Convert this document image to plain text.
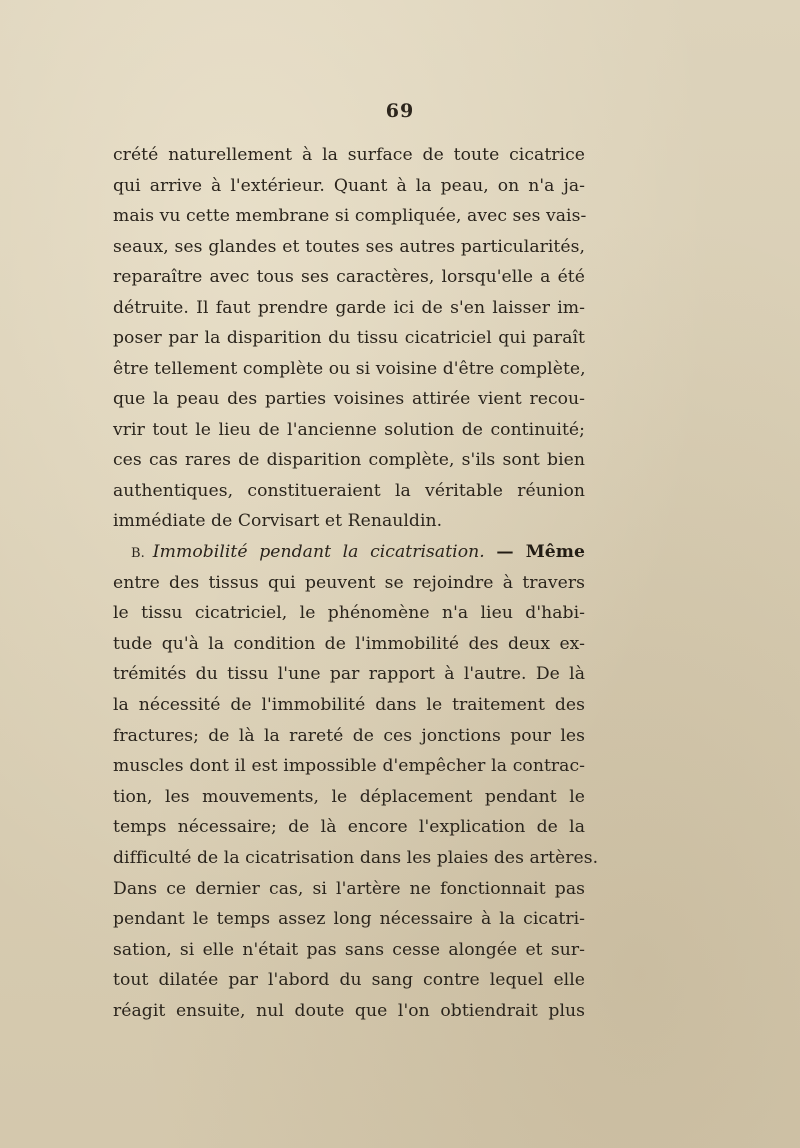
69
crété naturellement à la surface de toute cicatrice
qui arrive à l'extérieur. Quant à la peau, on n'a ja-
mais vu cette membrane si compliquée, avec ses vais-
seaux, ses glandes et toutes ses autres particularités,
reparaître avec tous ses caractères, lorsqu'elle a été
détruite. Il faut prendre garde ici de s'en laisser im-
poser par la disparition du tissu cicatriciel qui paraît
être tellement complète ou si voisine d'être complète,
que la peau des parties voisines attirée vient recou-
vrir tout le lieu de l'ancienne solution de continuité;
ces cas rares de disparition complète, s'ils sont bien
authentiques, constitueraient la véritable réunion
immédiate de Corvisart et Renauldin.
B. Immobilité pendant la cicatrisation. — Même
entre des tissus qui peuvent se rejoindre à travers
le tissu cicatriciel, le phénomène n'a lieu d'habi-
tude qu'à la condition de l'immobilité des deux ex-
trémités du tissu l'une par rapport à l'autre. De là
la nécessité de l'immobilité dans le traitement des
fractures; de là la rareté de ces jonctions pour les
muscles dont il est impossible d'empêcher la contrac-
tion, les mouvements, le déplacement pendant le
temps nécessaire; de là encore l'explication de la
difficulté de la cicatrisation dans les plaies des artères.
Dans ce dernier cas, si l'artère ne fonctionnait pas
pendant le temps assez long nécessaire à la cicatri-
sation, si elle n'était pas sans cesse alongée et sur-
tout dilatée par l'abord du sang contre lequel elle
réagit ensuite, nul doute que l'on obtiendrait plus
